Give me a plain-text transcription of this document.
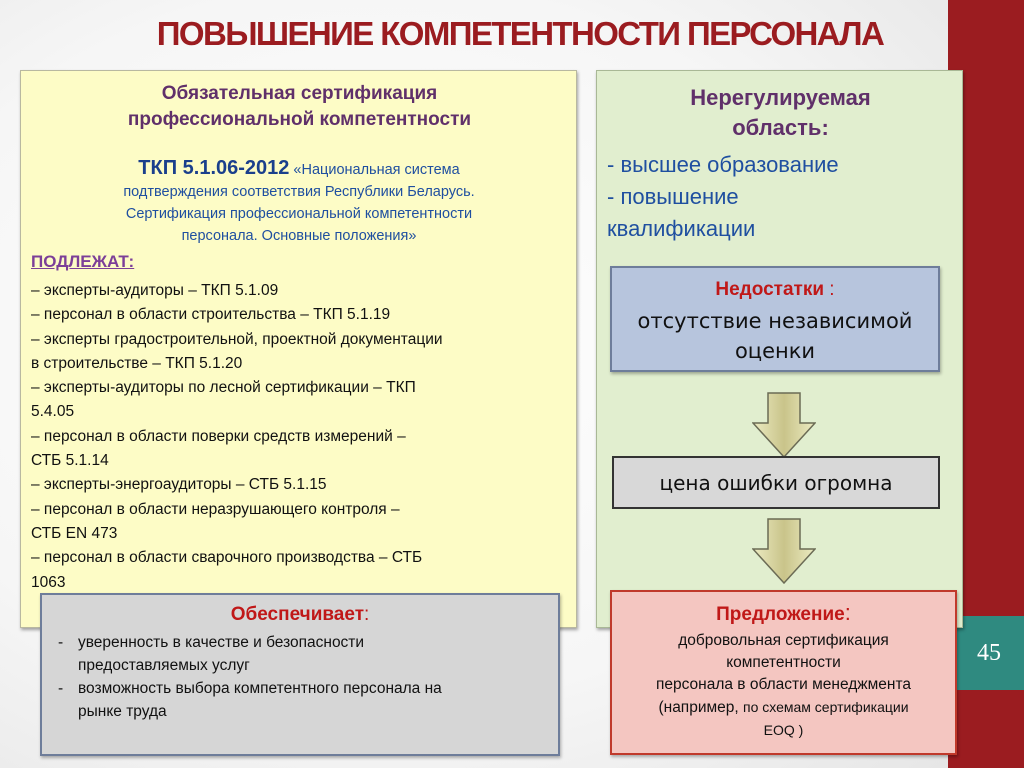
45
ПОВЫШЕНИЕ КОМПЕТЕНТНОСТИ ПЕРСОНАЛА
Обязательная сертификация
профессиональной компетентности
ТКП 5.1.06-2012 «Национальная система
подтверждения соответствия Республики Беларусь.
Сертификация профессиональной компетентности
персонала. Основные положения»
ПОДЛЕЖАТ:
– эксперты-аудиторы – ТКП 5.1.09
– персонал в области строительства – ТКП 5.1.19
– эксперты градостроительной, проектной документации
в строительстве – ТКП 5.1.20
– эксперты-аудиторы по лесной сертификации – ТКП
5.4.05
– персонал в области поверки средств измерений –
СТБ 5.1.14
– эксперты-энергоаудиторы – СТБ 5.1.15
– персонал в области неразрушающего контроля –
СТБ EN 473
– персонал в области сварочного производства – СТБ
1063
Обеспечивает:
- уверенность в качестве и безопасности
предоставляемых услуг
- возможность выбора компетентного персонала на
рынке труда
Нерегулируемая
область:
- высшее образование
- повышение
квалификации
Недостатки :
отсутствие независимой
оценки
цена ошибки огромна
Предложение:
добровольная сертификация
компетентности
персонала в области менеджмента
(например, по схемам сертификации
EOQ )
